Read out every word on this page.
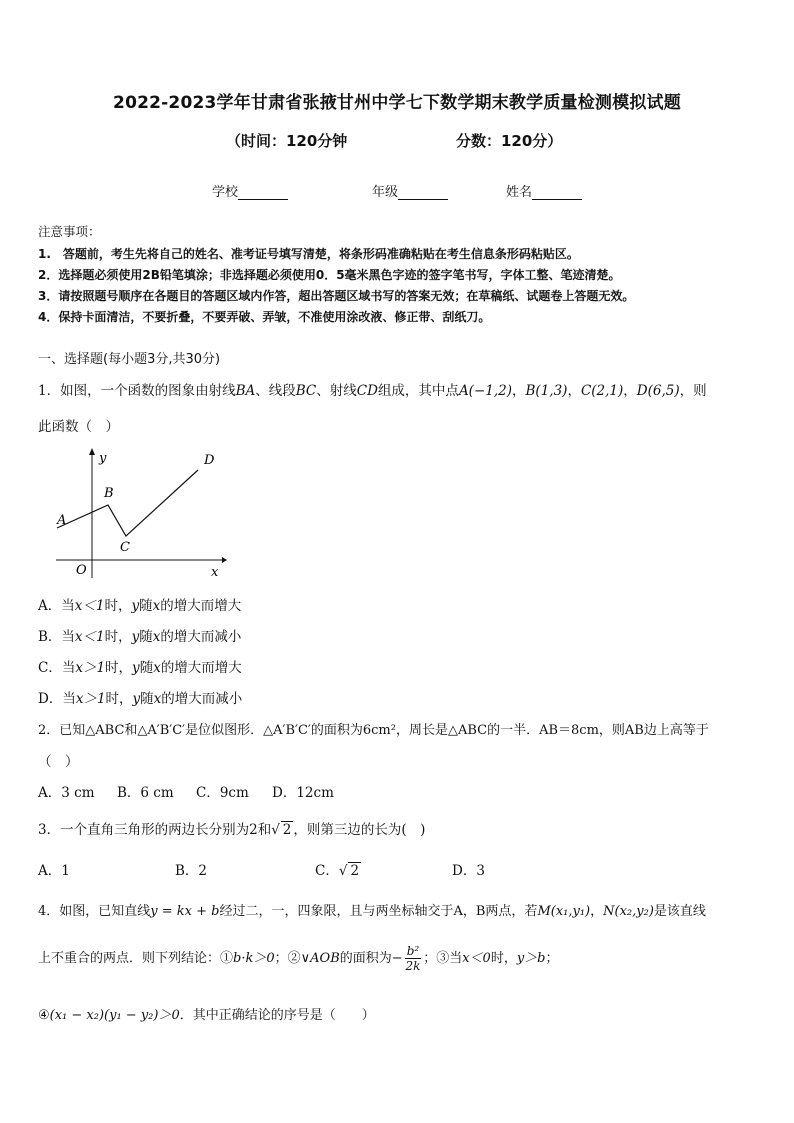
2022-2023学年甘肃省张掖甘州中学七下数学期末教学质量检测模拟试题
（时间：120分钟	分数：120分）
学校	年级	姓名
注意事项：
1.　答题前，考生先将自己的姓名、准考证号填写清楚，将条形码准确粘贴在考生信息条形码粘贴区。
2．选择题必须使用2B铅笔填涂；非选择题必须使用0．5毫米黑色字迹的签字笔书写，字体工整、笔迹清楚。
3．请按照题号顺序在各题目的答题区域内作答，超出答题区域书写的答案无效；在草稿纸、试题卷上答题无效。
4．保持卡面清洁，不要折叠，不要弄破、弄皱，不准使用涂改液、修正带、刮纸刀。
一、选择题(每小题3分,共30分)
1．如图，一个函数的图象由射线BA、线段BC、射线CD组成，其中点A(−1,2)，B(1,3)，C(2,1)，D(6,5)，则
此函数（　）
y
x
O
A
B
C
D
A．当x＜1时，y随x的增大而增大
B．当x＜1时，y随x的增大而减小
C．当x＞1时，y随x的增大而增大
D．当x＞1时，y随x的增大而减小
2．已知△ABC和△A′B′C′是位似图形．△A′B′C′的面积为6cm²，周长是△ABC的一半．AB＝8cm，则AB边上高等于
（　）
A．3 cm B．6 cm C．9cm D．12cm
3．一个直角三角形的两边长分别为2和√ 2 ，则第三边的长为(　)
A．1	B．2	C．√ 2	D．3
4．如图，已知直线y = kx + b经过二，一，四象限，且与两坐标轴交于A，B两点，若M(x₁,y₁)，N(x₂,y₂)是该直线
上不重合的两点．则下列结论：①b·k＞0；②∨AOB的面积为− $\frac{\text{b²}}{2k}$ ；③当x＜0时，y＞b；
④(x₁ − x₂)(y₁ − y₂)＞0．其中正确结论的序号是（　　）
